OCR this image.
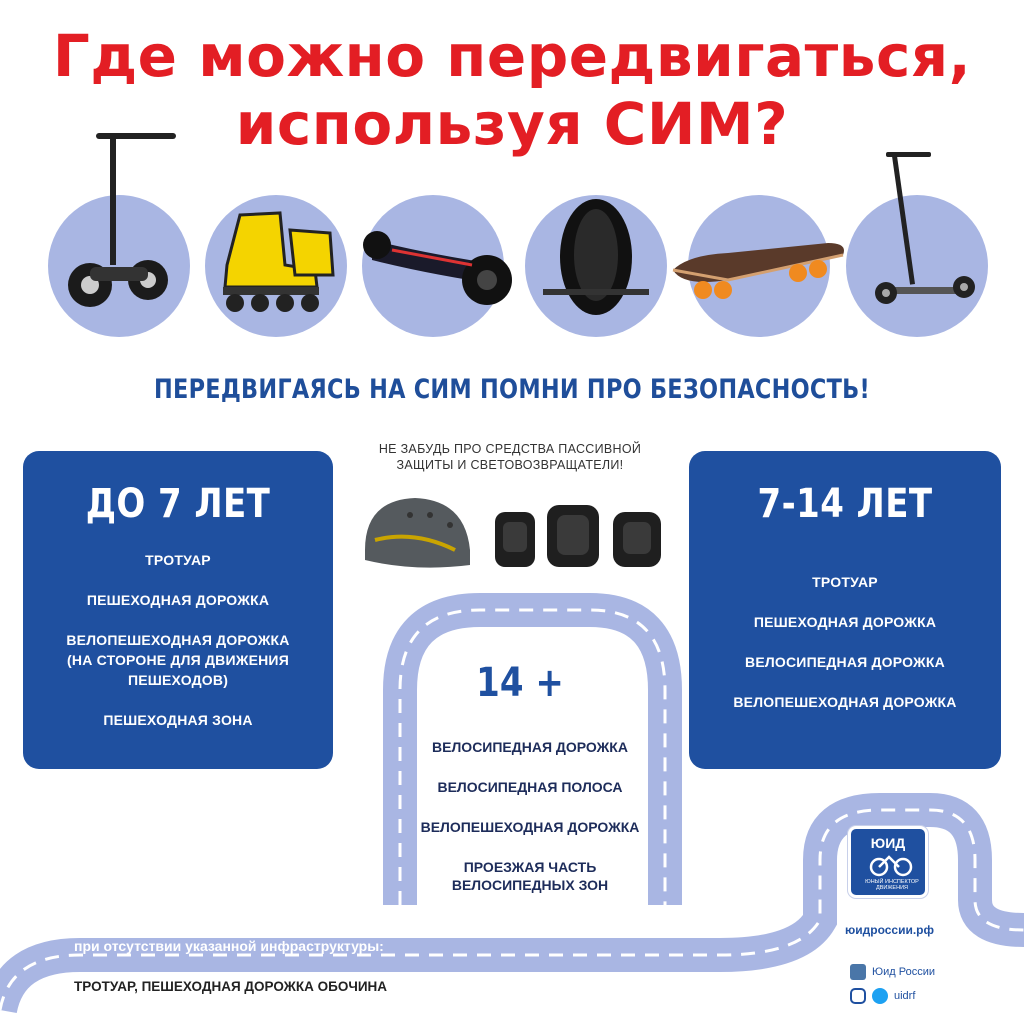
Где можно передвигаться,
используя СИМ?
ПЕРЕДВИГАЯСЬ НА СИМ ПОМНИ ПРО БЕЗОПАСНОСТЬ!
НЕ ЗАБУДЬ ПРО СРЕДСТВА ПАССИВНОЙ
ЗАЩИТЫ И СВЕТОВОЗВРАЩАТЕЛИ!
ДО 7 ЛЕТ
ТРОТУАР
ПЕШЕХОДНАЯ ДОРОЖКА
ВЕЛОПЕШЕХОДНАЯ ДОРОЖКА
(НА СТОРОНЕ ДЛЯ ДВИЖЕНИЯ
ПЕШЕХОДОВ)
ПЕШЕХОДНАЯ ЗОНА
7-14 ЛЕТ
ТРОТУАР
ПЕШЕХОДНАЯ ДОРОЖКА
ВЕЛОСИПЕДНАЯ ДОРОЖКА
ВЕЛОПЕШЕХОДНАЯ ДОРОЖКА
14 +
ВЕЛОСИПЕДНАЯ ДОРОЖКА
ВЕЛОСИПЕДНАЯ ПОЛОСА
ВЕЛОПЕШЕХОДНАЯ ДОРОЖКА
ПРОЕЗЖАЯ ЧАСТЬ
ВЕЛОСИПЕДНЫХ ЗОН
при отсутствии указанной инфраструктуры:
ТРОТУАР, ПЕШЕХОДНАЯ ДОРОЖКА ОБОЧИНА
ЮИД
ЮНЫЙ ИНСПЕКТОР ДВИЖЕНИЯ
юидроссии.рф
Юид России
uidrf
